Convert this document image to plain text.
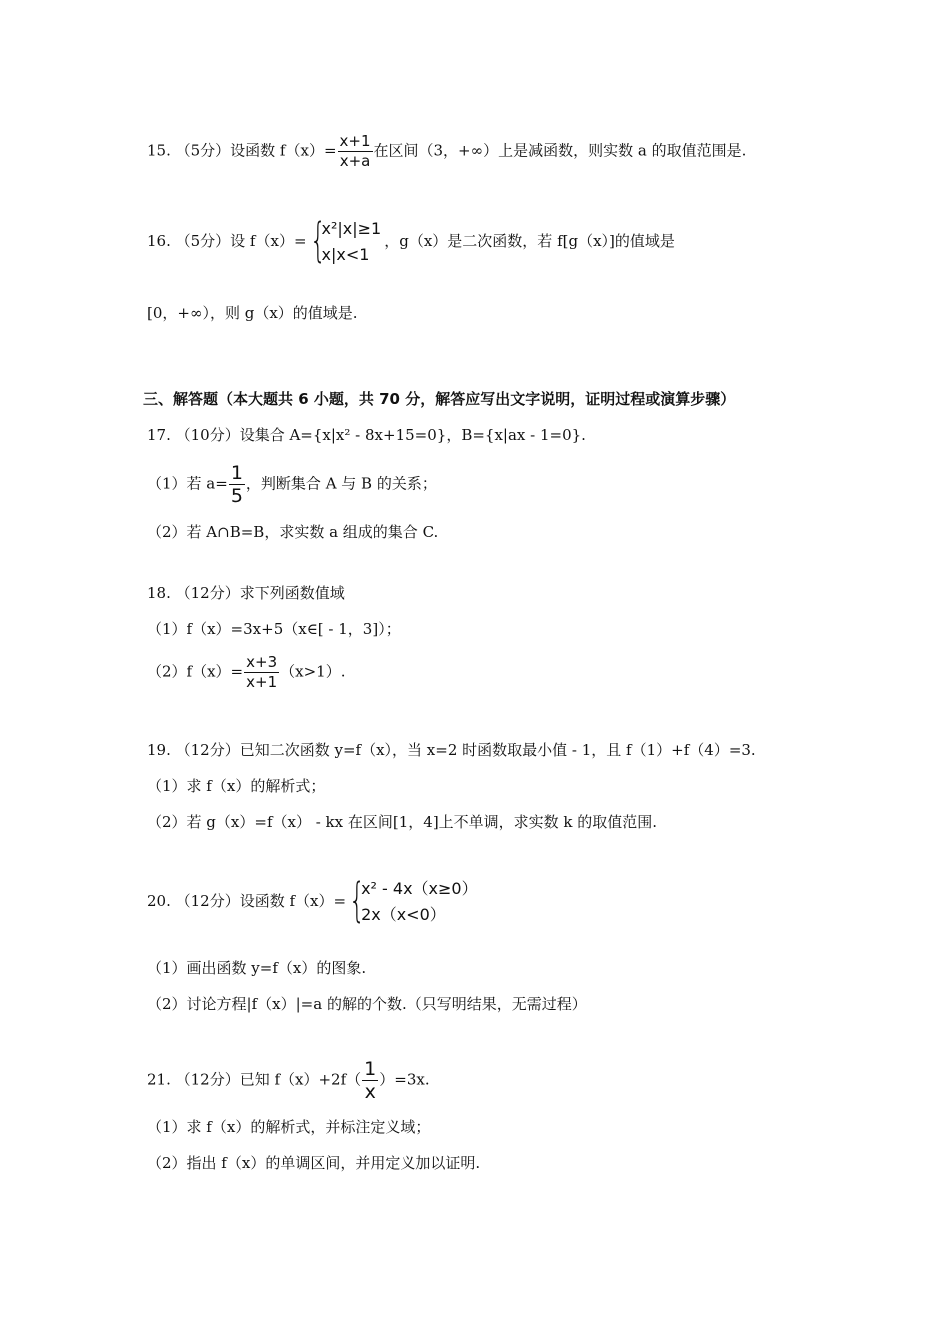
15. （5分）设函数 $f(x)= \frac{x+1}{x+a}$ 在区间（3，+∞）上是减函数，则实数 a 的取值范围是.
16. （5分）设 f（x）= {
x²|x|≥1
x|x<1
，g（x）是二次函数，若 f[g（x）]的值域是
[0，+∞），则 g（x）的值域是.
三、解答题（本大题共 6 小题，共 70 分，解答应写出文字说明，证明过程或演算步骤）
17. （10分）设集合 A={x|x² - 8x+15=0}，B={x|ax - 1=0}.
（1）若 $a= \frac{1}{5}$ ，判断集合 A 与 B 的关系；
（2）若 A∩B=B，求实数 a 组成的集合 C.
18. （12分）求下列函数值域
（1）f（x）=3x+5（x∈[ - 1，3]）；
$(2)f(x)= \frac{x+3}{x+1} (x>1)$.
19. （12分）已知二次函数 y=f（x），当 x=2 时函数取最小值 - 1，且 f（1）+f（4）=3.
（1）求 f（x）的解析式；
（2）若 g（x）=f（x） - kx 在区间[1，4]上不单调，求实数 k 的取值范围.
20. （12分）设函数 f（x）= {
x² - 4x（x≥0）
2x（x<0）
（1）画出函数 y=f（x）的图象.
（2）讨论方程|f（x）|=a 的解的个数.（只写明结果，无需过程）
21. （12分）已知 $f(x)+2f( \frac{1}{x} )=3x$.
（1）求 f（x）的解析式，并标注定义域；
（2）指出 f（x）的单调区间，并用定义加以证明.
